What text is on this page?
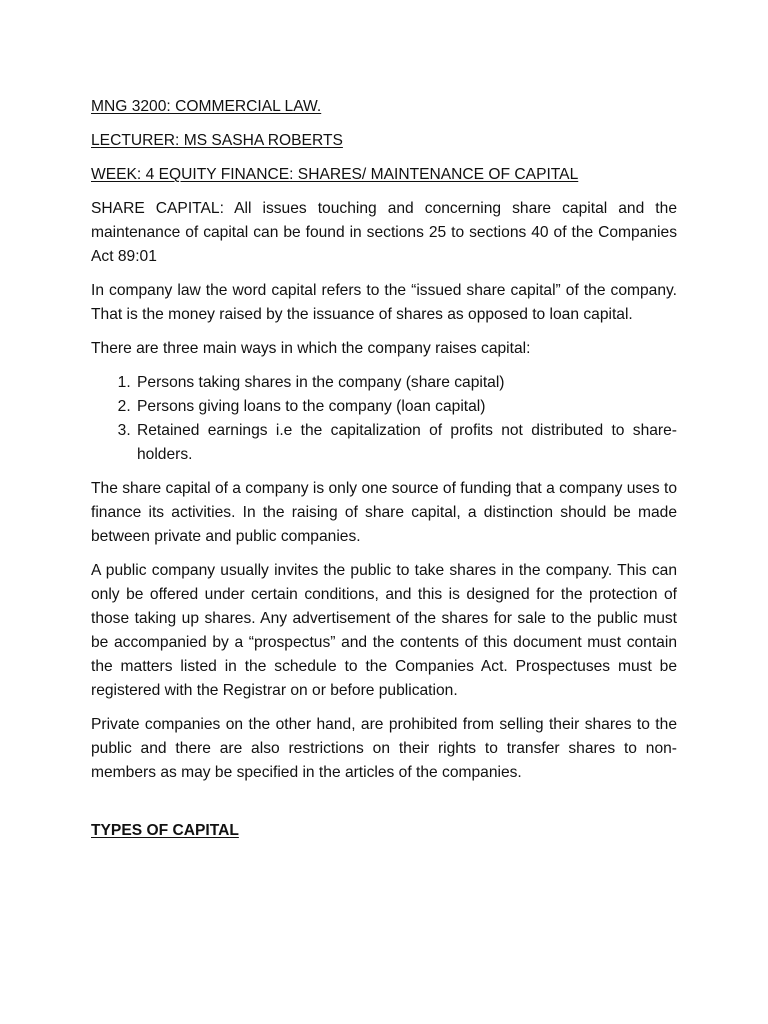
MNG 3200: COMMERCIAL LAW.
LECTURER: MS SASHA ROBERTS
WEEK: 4 EQUITY FINANCE: SHARES/ MAINTENANCE OF CAPITAL

SHARE CAPITAL: All issues touching and concerning share capital and the maintenance of capital can be found in sections 25 to sections 40 of the Companies Act 89:01

In company law the word capital refers to the “issued share capital” of the company. That is the money raised by the issuance of shares as opposed to loan capital.

There are three main ways in which the company raises capital:

1. Persons taking shares in the company (share capital)
2. Persons giving loans to the company (loan capital)
3. Retained earnings i.e the capitalization of profits not distributed to share-holders.

The share capital of a company is only one source of funding that a company uses to finance its activities. In the raising of share capital, a distinction should be made between private and public companies.

A public company usually invites the public to take shares in the company. This can only be offered under certain conditions, and this is designed for the protection of those taking up shares. Any advertisement of the shares for sale to the public must be accompanied by a “prospectus” and the contents of this document must contain the matters listed in the schedule to the Companies Act. Prospectuses must be registered with the Registrar on or before publication.

Private companies on the other hand, are prohibited from selling their shares to the public and there are also restrictions on their rights to transfer shares to non-members as may be specified in the articles of the companies.

TYPES OF CAPITAL
